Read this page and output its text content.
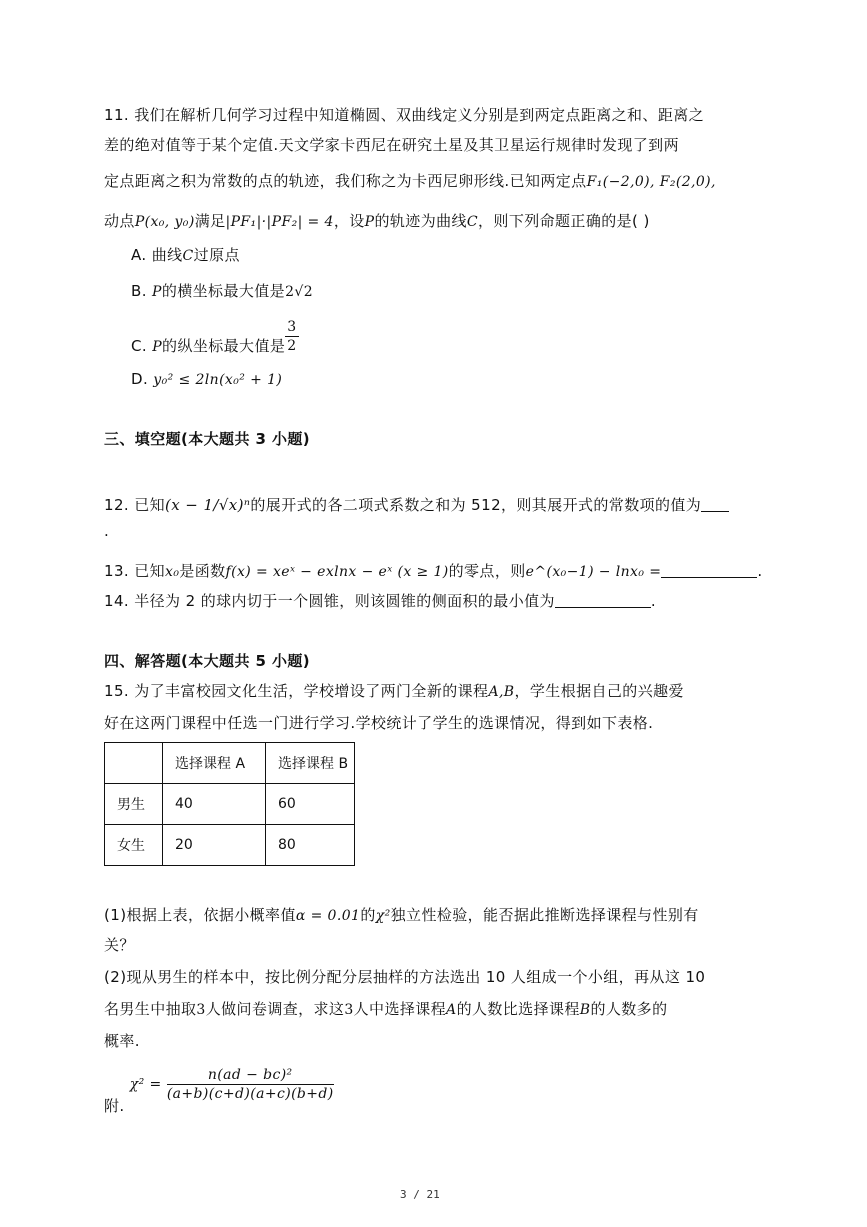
11. 我们在解析几何学习过程中知道椭圆、双曲线定义分别是到两定点距离之和、距离之
差的绝对值等于某个定值.天文学家卡西尼在研究土星及其卫星运行规律时发现了到两
定点距离之积为常数的点的轨迹，我们称之为卡西尼卵形线.已知两定点F₁(−2,0), F₂(2,0),
动点P(x₀, y₀)满足|PF₁|·|PF₂| = 4，设P的轨迹为曲线C，则下列命题正确的是( )
A. 曲线C过原点
B. P的横坐标最大值是2√2
C. P的纵坐标最大值是 $\frac{3}{2}$
D. y₀² ≤ 2ln(x₀² + 1)
三、填空题(本大题共 3 小题)
12. 已知(x − 1/√x)ⁿ的展开式的各二项式系数之和为 512，则其展开式的常数项的值为
.
13. 已知x₀是函数f(x) = xeˣ − exlnx − eˣ (x ≥ 1)的零点，则e^(x₀−1) − lnx₀ =	.
14. 半径为 2 的球内切于一个圆锥，则该圆锥的侧面积的最小值为	.
四、解答题(本大题共 5 小题)
15. 为了丰富校园文化生活，学校增设了两门全新的课程A,B，学生根据自己的兴趣爱
好在这两门课程中任选一门进行学习.学校统计了学生的选课情况，得到如下表格.
	选择课程 A	选择课程 B
男生	40	60
女生	20	80
(1)根据上表，依据小概率值α = 0.01的χ²独立性检验，能否据此推断选择课程与性别有
关？
(2)现从男生的样本中，按比例分配分层抽样的方法选出 10 人组成一个小组，再从这 10
名男生中抽取3人做问卷调查，求这3人中选择课程A的人数比选择课程B的人数多的
概率.
附. $\chi^2 = \frac{\text{n(ad − bc)²}}{(a+b)(c+d)(a+c)(b+d)}$
3 / 21
